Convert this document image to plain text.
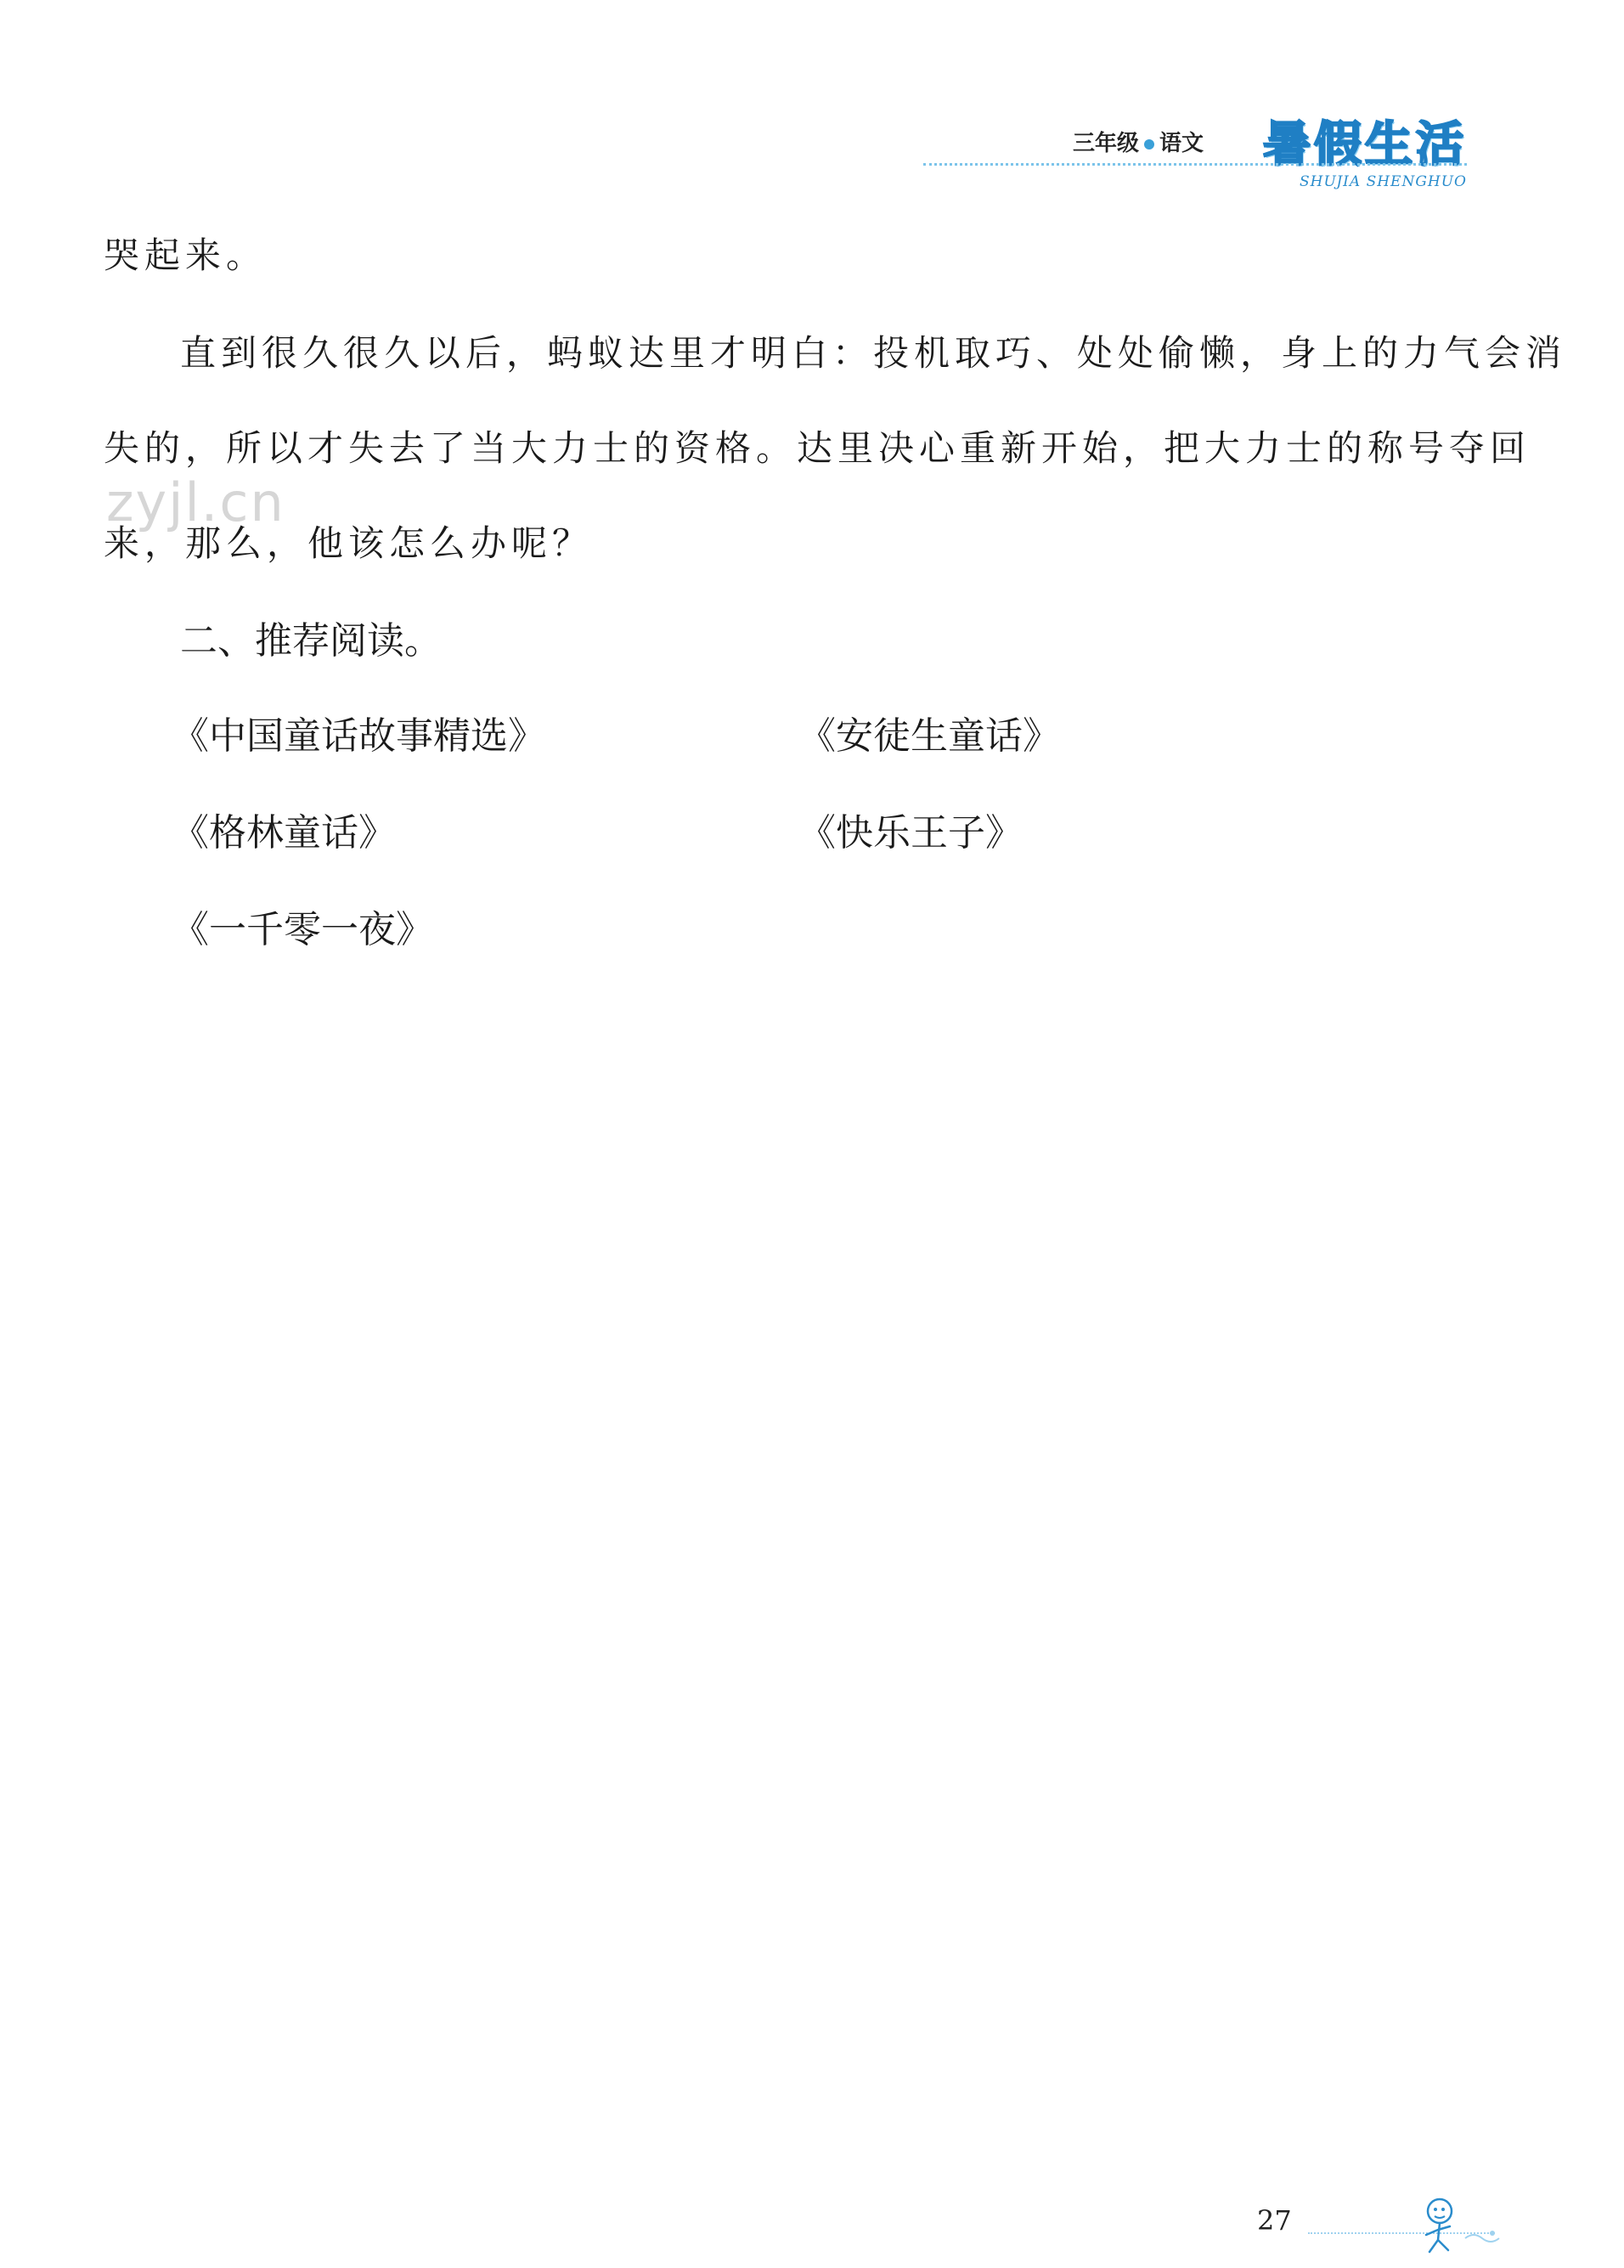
三年级 语文 暑假生活
SHUJIA SHENGHUO
zyjl.cn
哭起来。
直到很久很久以后，蚂蚁达里才明白：投机取巧、处处偷懒，身上的力气会消
失的，所以才失去了当大力士的资格。达里决心重新开始，把大力士的称号夺回
来，那么，他该怎么办呢？
二、推荐阅读。
《中国童话故事精选》	《安徒生童话》
《格林童话》	《快乐王子》
《一千零一夜》
27
